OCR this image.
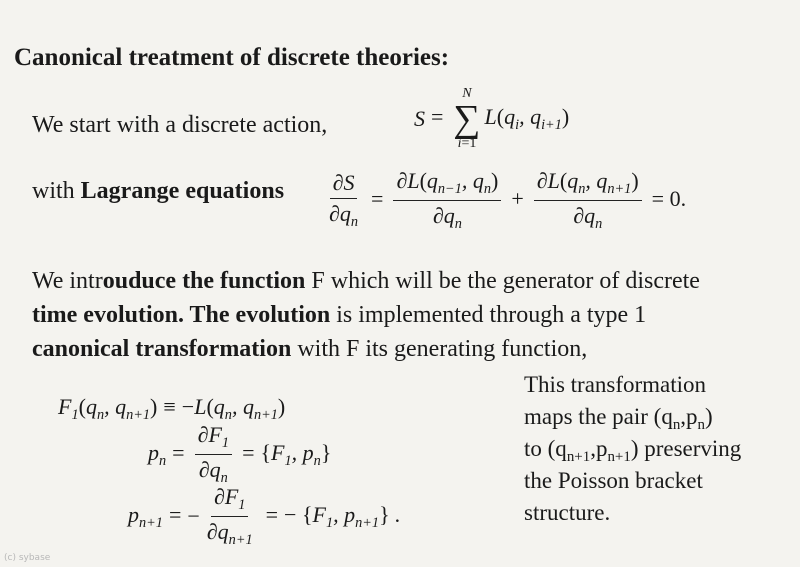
Canonical treatment of discrete theories:
We start with a discrete action,	S =
N
∑
i=1
$L(q_i$, $q_{i+1}$)
with Lagrange equations $\frac{\partial S}{\partial q_n} = \frac{\partial L(q_{n-1}, q_n)}{\partial q_n} + \frac{\partial L(q_n, q_{n+1})}{\partial q_n} = 0$.
We introuduce the function F which will be the generator of discrete
time evolution. The evolution is implemented through a type 1
canonical transformation with F its generating function,
$F_1(q_n$, $q_{n+1}) \equiv -L(q_n$, $q_{n+1}$)
$p_n = \frac{\partial F_1}{\partial q_n} = \{F_1$, $p_n$}
$p_{n+1}$ = − $\frac{\partial F_1}{\partial q_{n+1}}$ = − {$F_1$, $p_{n+1}$} .
This transformation
maps the pair $(q_n,p_n)$
to $(q_{n+1},p_{n+1})$ preserving
the Poisson bracket
structure.
(c) sybase
